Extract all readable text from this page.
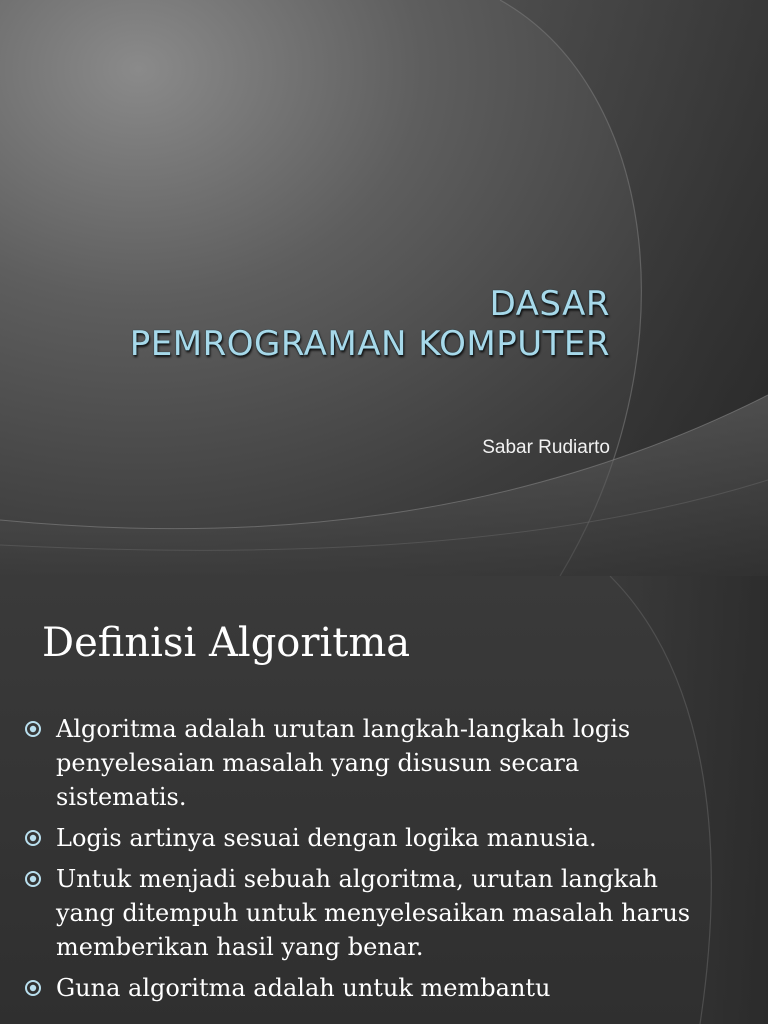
DASAR
PEMROGRAMAN KOMPUTER
Sabar Rudiarto
Definisi Algoritma
Algoritma adalah urutan langkah-langkah logis penyelesaian masalah yang disusun secara sistematis.
Logis artinya sesuai dengan logika manusia.
Untuk menjadi sebuah algoritma, urutan langkah yang ditempuh untuk menyelesaikan masalah harus memberikan hasil yang benar.
Guna algoritma adalah untuk membantu
